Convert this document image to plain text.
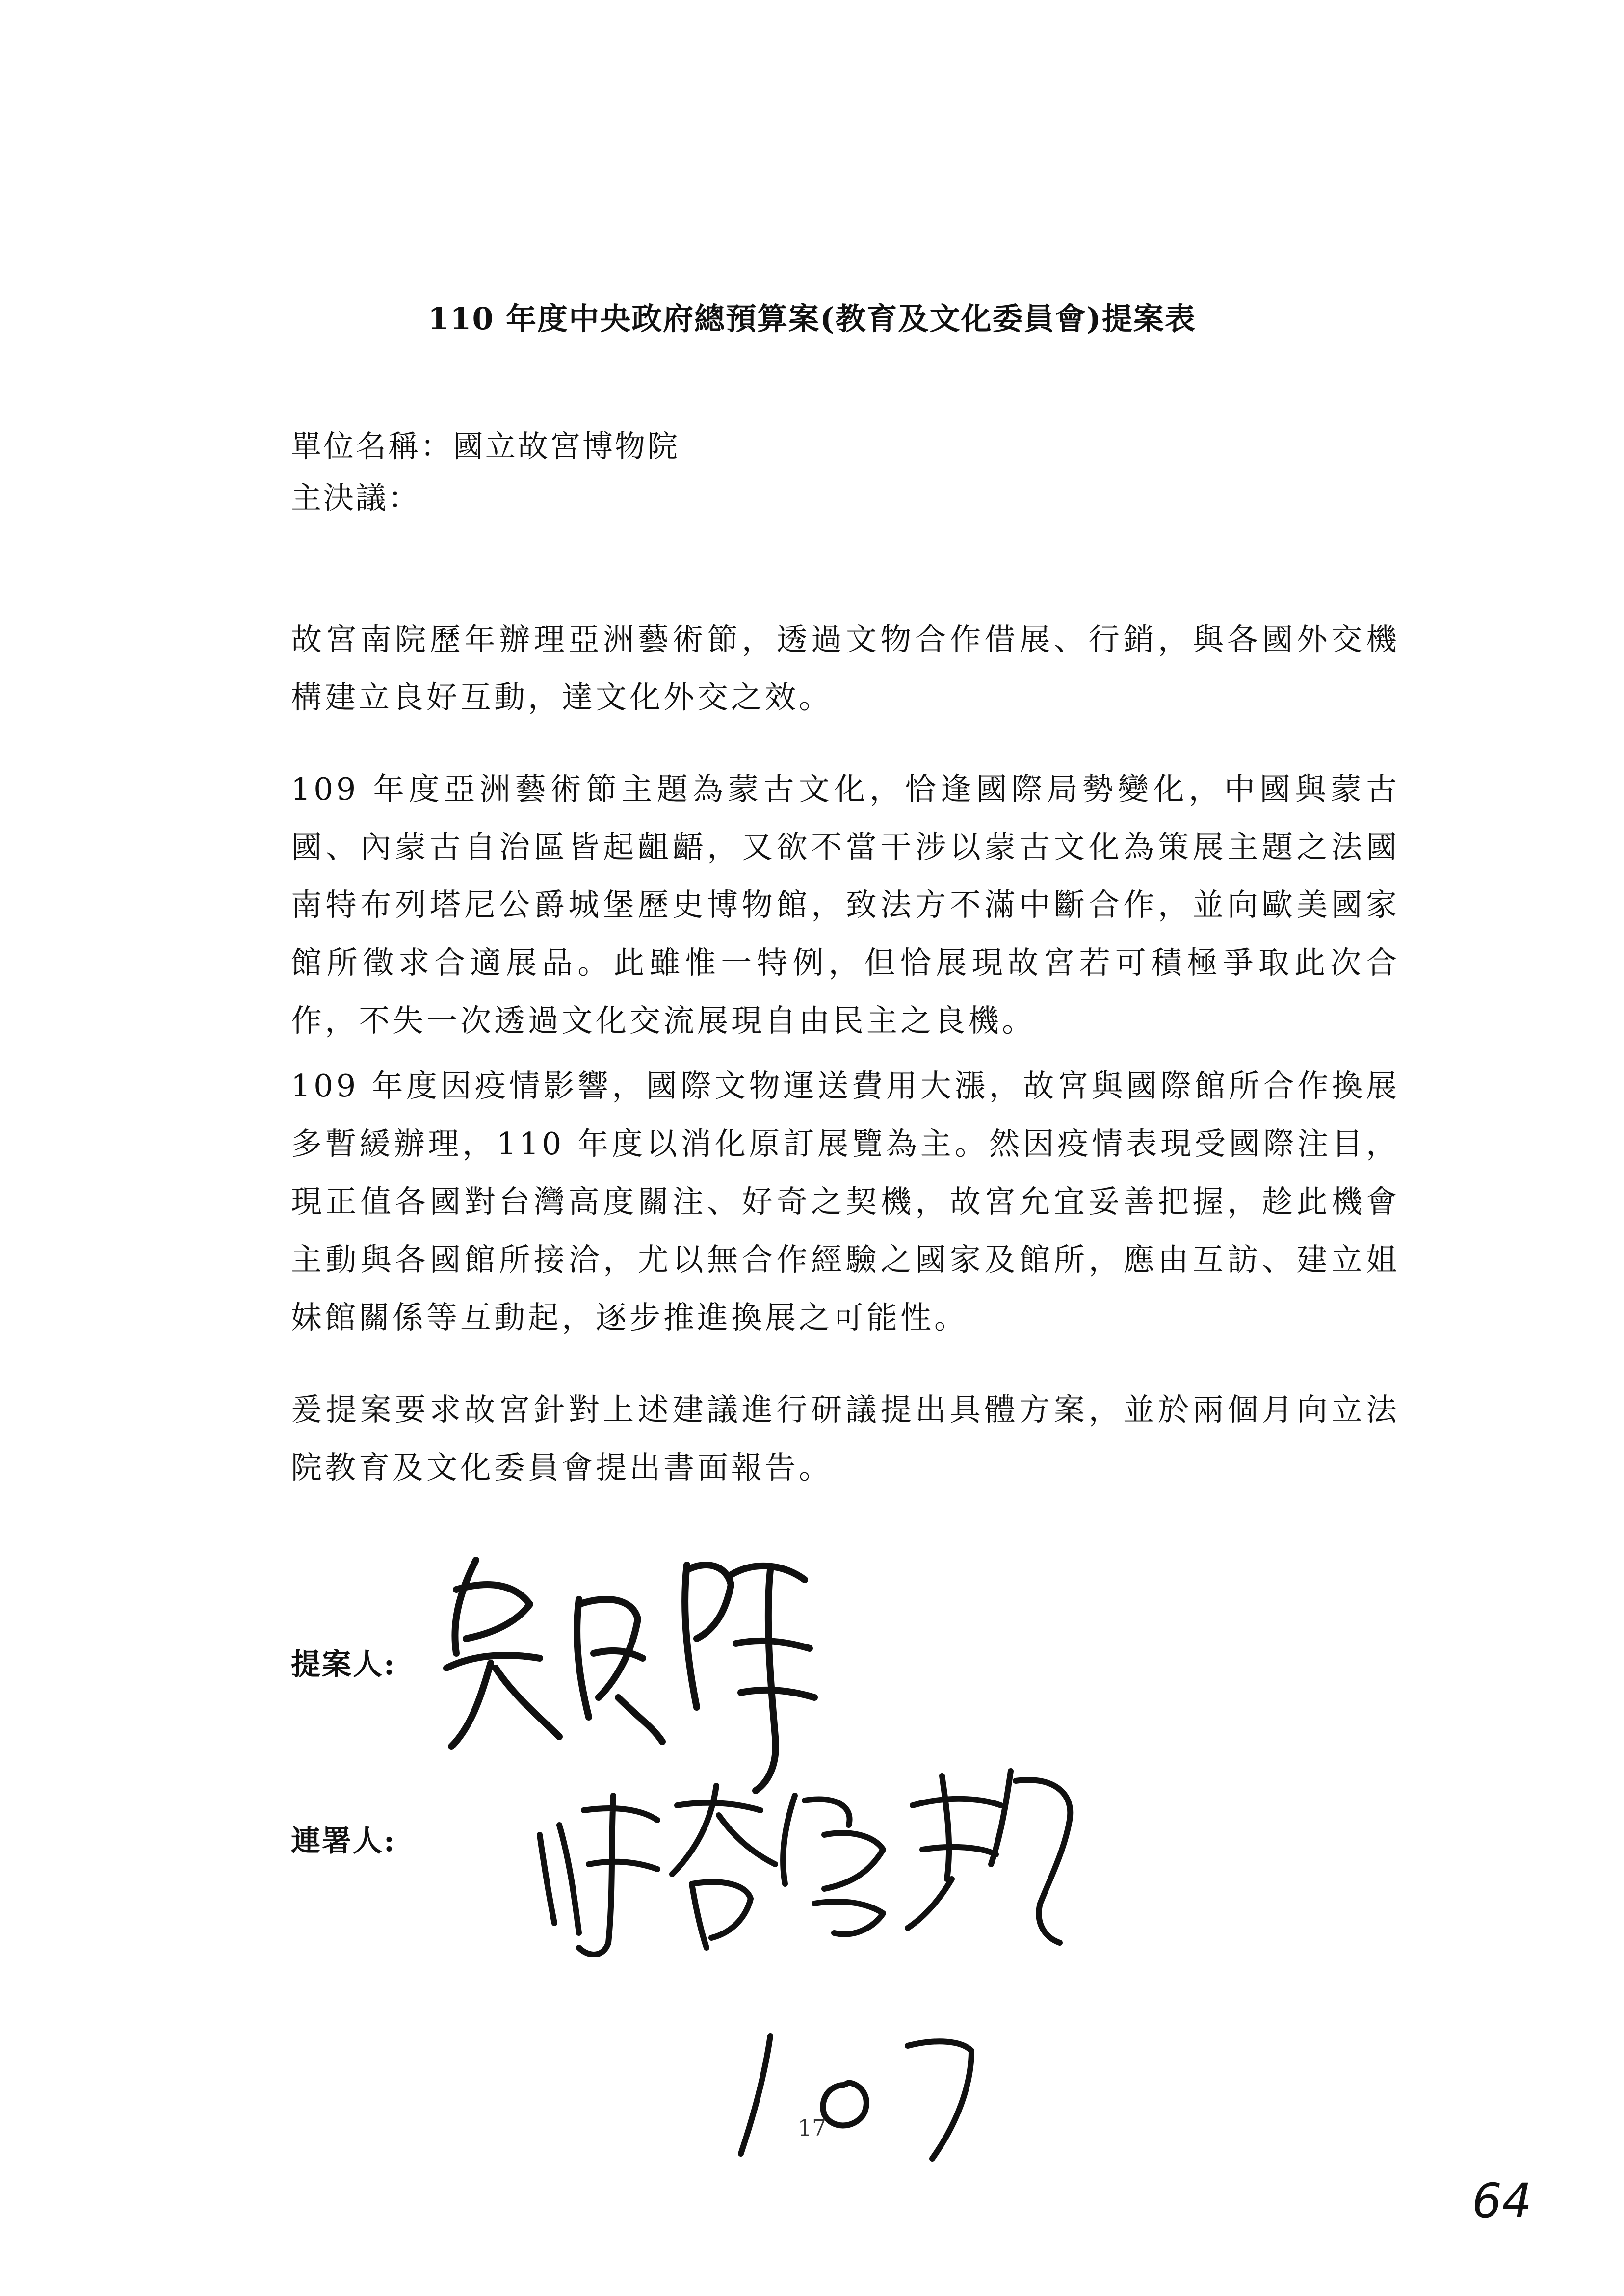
110 年度中央政府總預算案(教育及文化委員會)提案表
單位名稱：國立故宮博物院
主決議：

故宮南院歷年辦理亞洲藝術節，透過文物合作借展、行銷，與各國外交機構建立良好互動，達文化外交之效。

109 年度亞洲藝術節主題為蒙古文化，恰逢國際局勢變化，中國與蒙古國、內蒙古自治區皆起齟齬，又欲不當干涉以蒙古文化為策展主題之法國南特布列塔尼公爵城堡歷史博物館，致法方不滿中斷合作，並向歐美國家館所徵求合適展品。此雖惟一特例，但恰展現故宮若可積極爭取此次合作，不失一次透過文化交流展現自由民主之良機。

109 年度因疫情影響，國際文物運送費用大漲，故宮與國際館所合作換展多暫緩辦理，110 年度以消化原訂展覽為主。然因疫情表現受國際注目，現正值各國對台灣高度關注、好奇之契機，故宮允宜妥善把握，趁此機會主動與各國館所接洽，尤以無合作經驗之國家及館所，應由互訪、建立姐妹館關係等互動起，逐步推進換展之可能性。

爰提案要求故宮針對上述建議進行研議提出具體方案，並於兩個月向立法院教育及文化委員會提出書面報告。

提案人:
連署人:
17
64
